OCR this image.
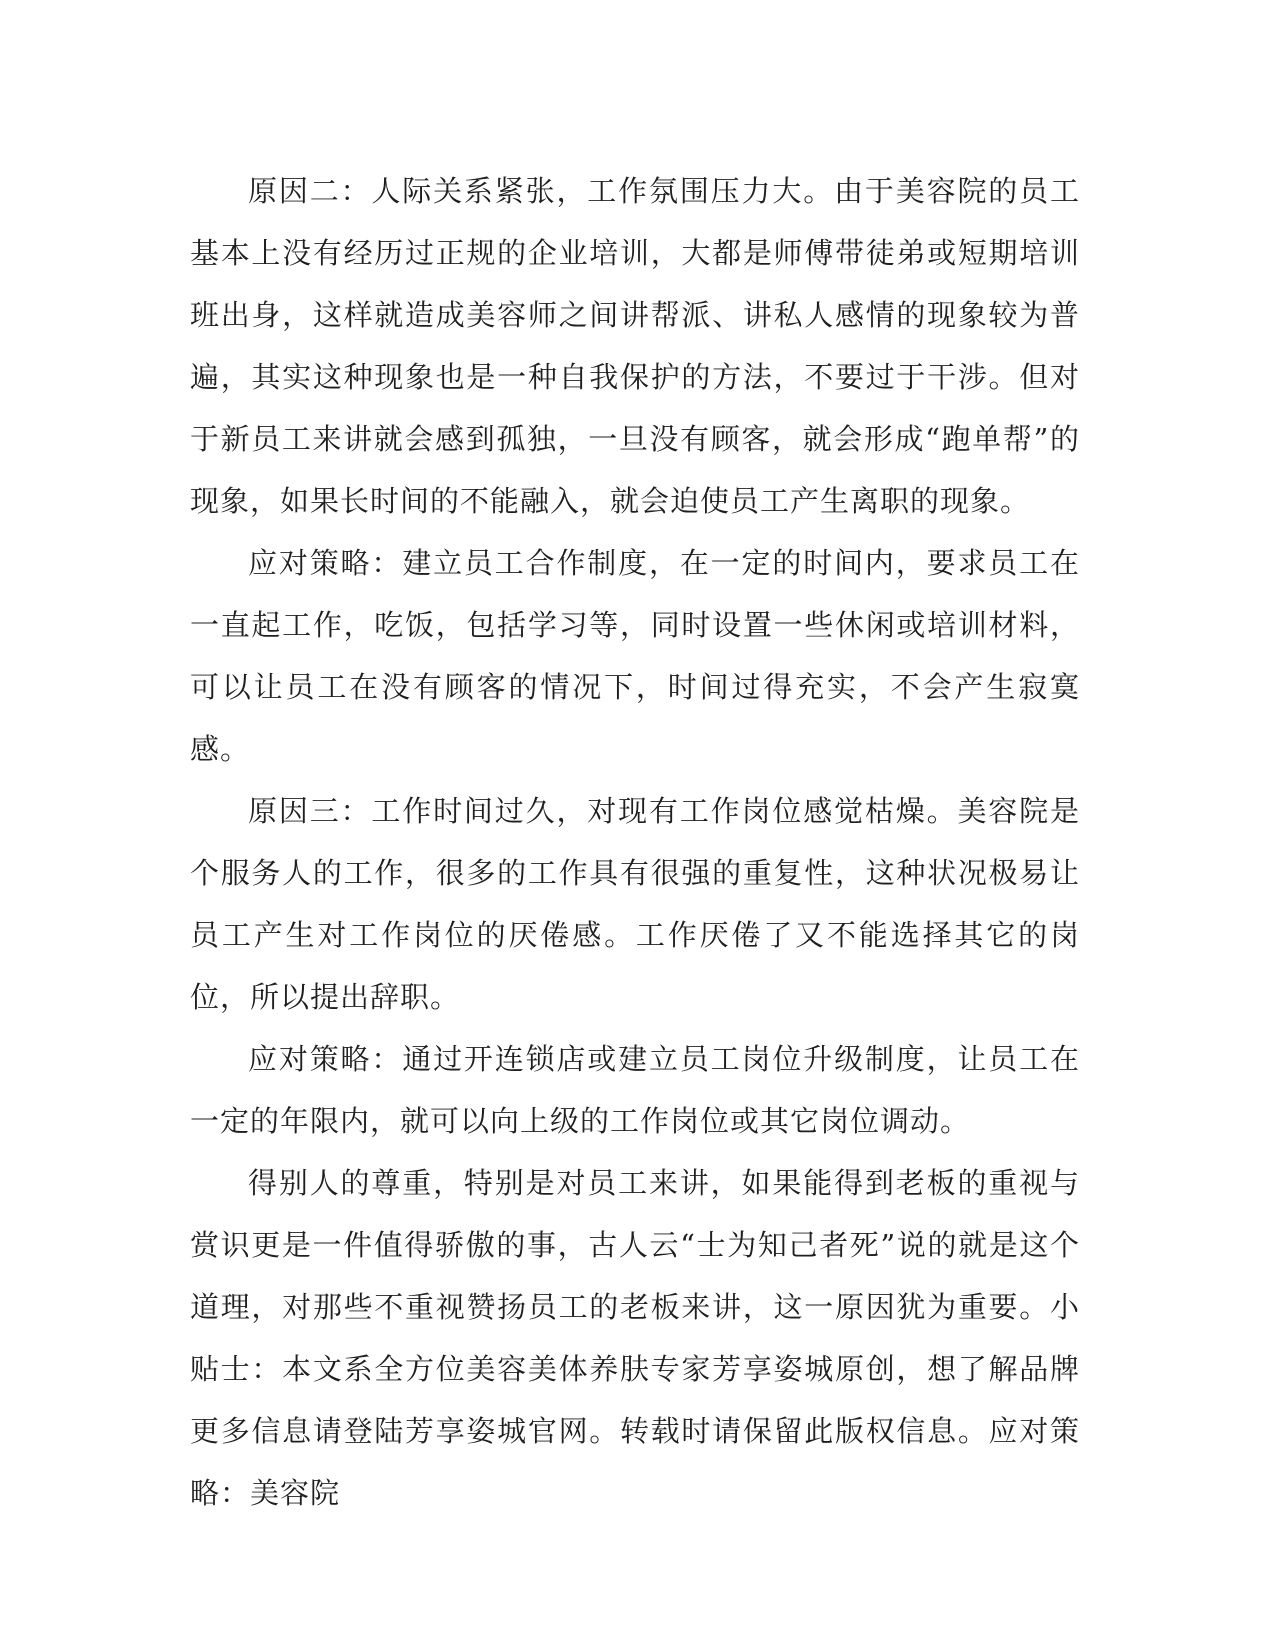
原因二：人际关系紧张，工作氛围压力大。由于美容院的员工基本上没有经历过正规的企业培训，大都是师傅带徒弟或短期培训班出身，这样就造成美容师之间讲帮派、讲私人感情的现象较为普遍，其实这种现象也是一种自我保护的方法，不要过于干涉。但对于新员工来讲就会感到孤独，一旦没有顾客，就会形成“跑单帮”的现象，如果长时间的不能融入，就会迫使员工产生离职的现象。

应对策略：建立员工合作制度，在一定的时间内，要求员工在一直起工作，吃饭，包括学习等，同时设置一些休闲或培训材料，可以让员工在没有顾客的情况下，时间过得充实，不会产生寂寞感。

原因三：工作时间过久，对现有工作岗位感觉枯燥。美容院是个服务人的工作，很多的工作具有很强的重复性，这种状况极易让员工产生对工作岗位的厌倦感。工作厌倦了又不能选择其它的岗位，所以提出辞职。

应对策略：通过开连锁店或建立员工岗位升级制度，让员工在一定的年限内，就可以向上级的工作岗位或其它岗位调动。

得别人的尊重，特别是对员工来讲，如果能得到老板的重视与赏识更是一件值得骄傲的事，古人云“士为知己者死”说的就是这个道理，对那些不重视赞扬员工的老板来讲，这一原因犹为重要。小贴士：本文系全方位美容美体养肤专家芳享姿城原创，想了解品牌更多信息请登陆芳享姿城官网。转载时请保留此版权信息。应对策略：美容院
